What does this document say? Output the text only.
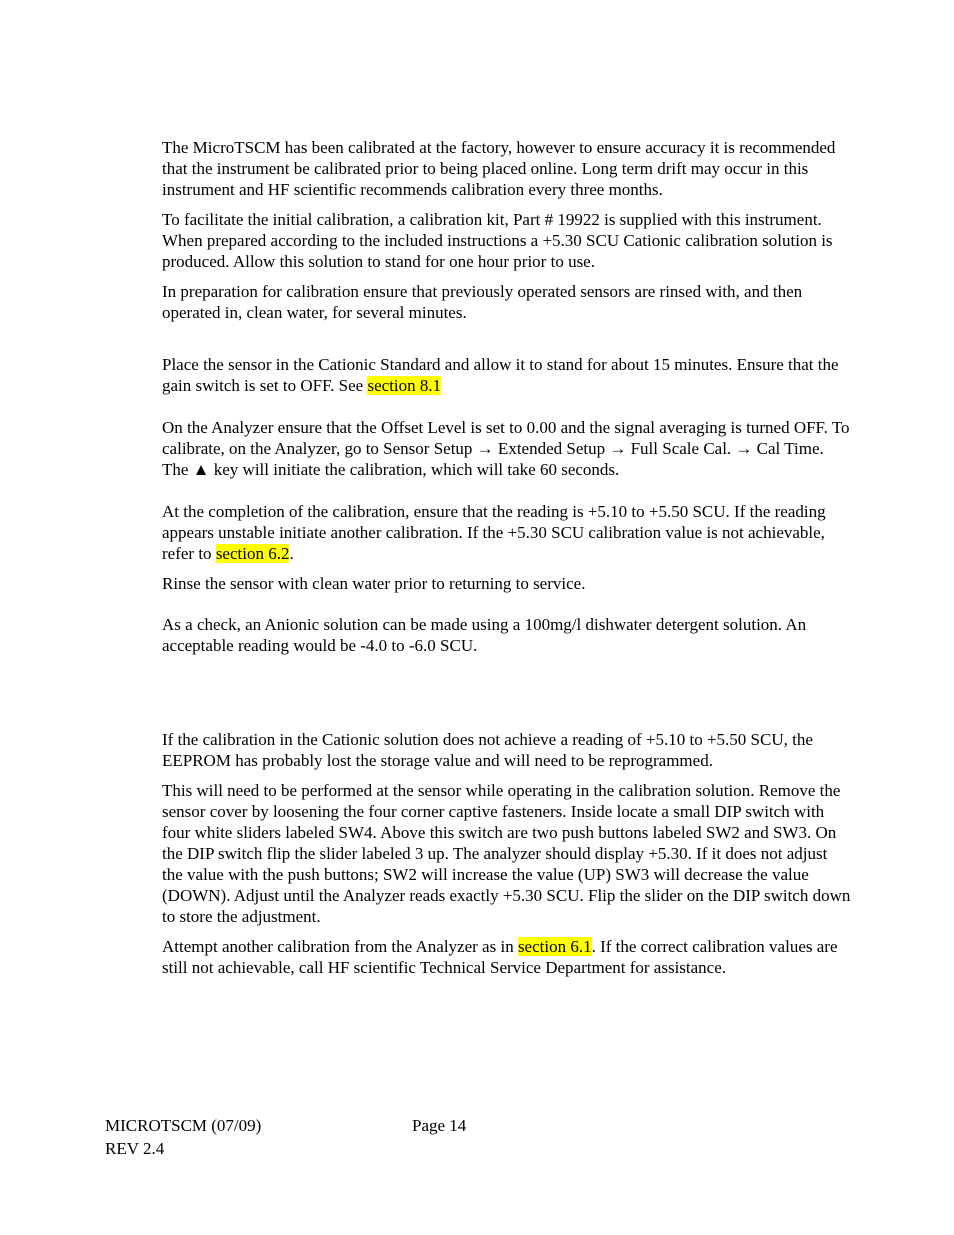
The MicroTSCM has been calibrated at the factory, however to ensure accuracy it is recommended that the instrument be calibrated prior to being placed online. Long term drift may occur in this instrument and HF scientific recommends calibration every three months.

To facilitate the initial calibration, a calibration kit, Part # 19922 is supplied with this instrument. When prepared according to the included instructions a +5.30 SCU Cationic calibration solution is produced. Allow this solution to stand for one hour prior to use.

In preparation for calibration ensure that previously operated sensors are rinsed with, and then operated in, clean water, for several minutes.

Place the sensor in the Cationic Standard and allow it to stand for about 15 minutes. Ensure that the gain switch is set to OFF. See section 8.1

On the Analyzer ensure that the Offset Level is set to 0.00 and the signal averaging is turned OFF. To calibrate, on the Analyzer, go to Sensor Setup → Extended Setup → Full Scale Cal. → Cal Time. The ▲ key will initiate the calibration, which will take 60 seconds.

At the completion of the calibration, ensure that the reading is +5.10 to +5.50 SCU. If the reading appears unstable initiate another calibration. If the +5.30 SCU calibration value is not achievable, refer to section 6.2.

Rinse the sensor with clean water prior to returning to service.

As a check, an Anionic solution can be made using a 100mg/l dishwater detergent solution. An acceptable reading would be -4.0 to -6.0 SCU.

If the calibration in the Cationic solution does not achieve a reading of +5.10 to +5.50 SCU, the EEPROM has probably lost the storage value and will need to be reprogrammed.

This will need to be performed at the sensor while operating in the calibration solution. Remove the sensor cover by loosening the four corner captive fasteners. Inside locate a small DIP switch with four white sliders labeled SW4. Above this switch are two push buttons labeled SW2 and SW3. On the DIP switch flip the slider labeled 3 up. The analyzer should display +5.30. If it does not adjust the value with the push buttons; SW2 will increase the value (UP) SW3 will decrease the value (DOWN). Adjust until the Analyzer reads exactly +5.30 SCU. Flip the slider on the DIP switch down to store the adjustment.

Attempt another calibration from the Analyzer as in section 6.1. If the correct calibration values are still not achievable, call HF scientific Technical Service Department for assistance.

MICROTSCM (07/09)
REV 2.4
Page 14
